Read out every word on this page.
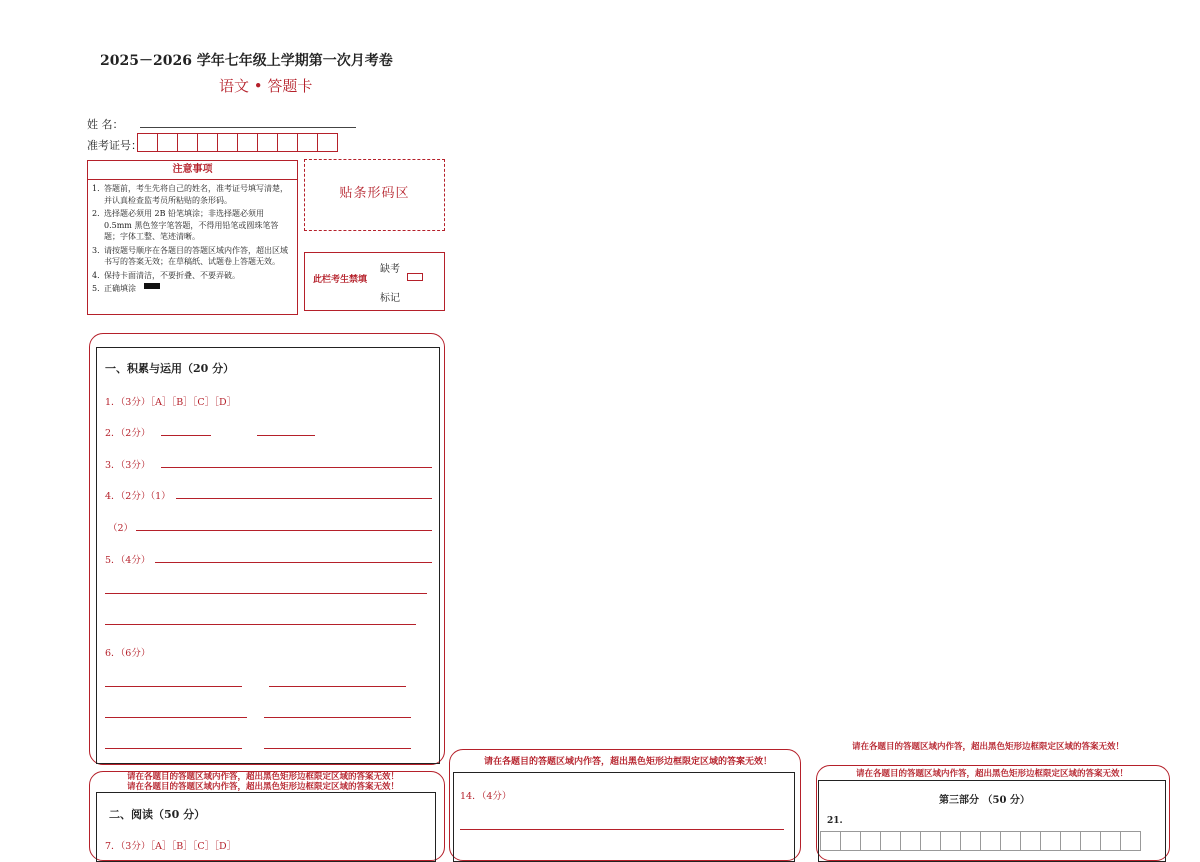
2025－2026 学年七年级上学期第一次月考卷
语文 • 答题卡
姓 名：
准考证号：
注意事项
1．
答题前，考生先将自己的姓名，准考证号填写清楚，并认真检查监考员所粘贴的条形码。
2．
选择题必须用 2B 铅笔填涂；非选择题必须用 0.5mm 黑色签字笔答题，不得用铅笔或圆珠笔答题；字体工整、笔迹清晰。
3．
请按题号顺序在各题目的答题区域内作答，超出区域书写的答案无效；在草稿纸、试题卷上答题无效。
4．
保持卡面清洁，不要折叠、不要弄破。
5．
正确填涂
贴条形码区
此栏考生禁填
缺考
标记
一、积累与运用（20 分）
1．（3分）［A］［B］［C］［D］
2．（2分）
3．（3分）
4．（2分）（1）
（2）
5．（4分）
6．（6分）
请在各题目的答题区域内作答，超出黑色矩形边框限定区域的答案无效！
请在各题目的答题区域内作答，超出黑色矩形边框限定区域的答案无效！
二、阅读（50 分）
7．（3分）［A］［B］［C］［D］
请在各题目的答题区域内作答，超出黑色矩形边框限定区域的答案无效！
14．（4分）
请在各题目的答题区域内作答，超出黑色矩形边框限定区域的答案无效！
请在各题目的答题区域内作答，超出黑色矩形边框限定区域的答案无效！
第三部分 （50 分）
21.
